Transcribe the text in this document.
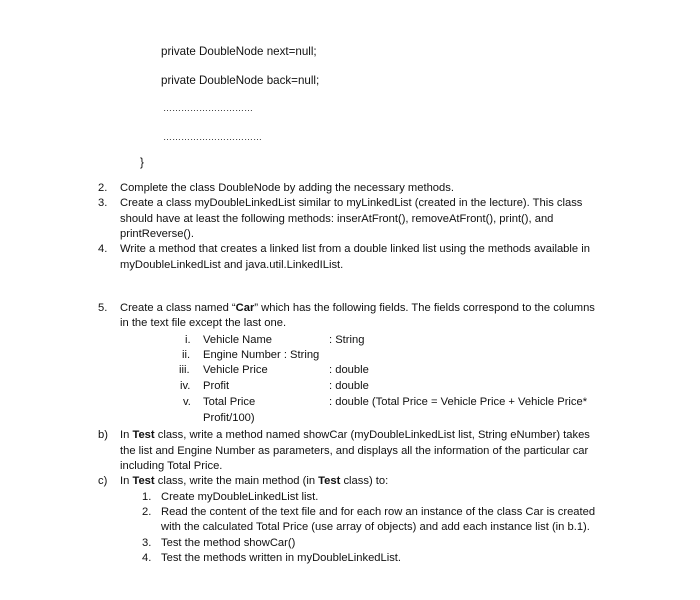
private DoubleNode next=null;
private DoubleNode back=null;
…………………………
……………………………
}
2. Complete the class DoubleNode by adding the necessary methods.
3. Create a class myDoubleLinkedList similar to myLinkedList (created in the lecture). This class
should have at least the following methods: inserAtFront(), removeAtFront(), print(), and
printReverse().
4. Write a method that creates a linked list from a double linked list using the methods available in
myDoubleLinkedList and java.util.LinkedIList.
5. Create a class named “Car” which has the following fields. The fields correspond to the columns
in the text file except the last one.
i. Vehicle Name	: String
ii. Engine Number : String
iii. Vehicle Price	: double
iv. Profit	: double
v. Total Price	: double (Total Price = Vehicle Price + Vehicle Price*
Profit/100)
b) In Test class, write a method named showCar (myDoubleLinkedList list, String eNumber) takes
the list and Engine Number as parameters, and displays all the information of the particular car
including Total Price.
c) In Test class, write the main method (in Test class) to:
1. Create myDoubleLinkedList list.
2. Read the content of the text file and for each row an instance of the class Car is created
with the calculated Total Price (use array of objects) and add each instance list (in b.1).
3. Test the method showCar()
4. Test the methods written in myDoubleLinkedList.
